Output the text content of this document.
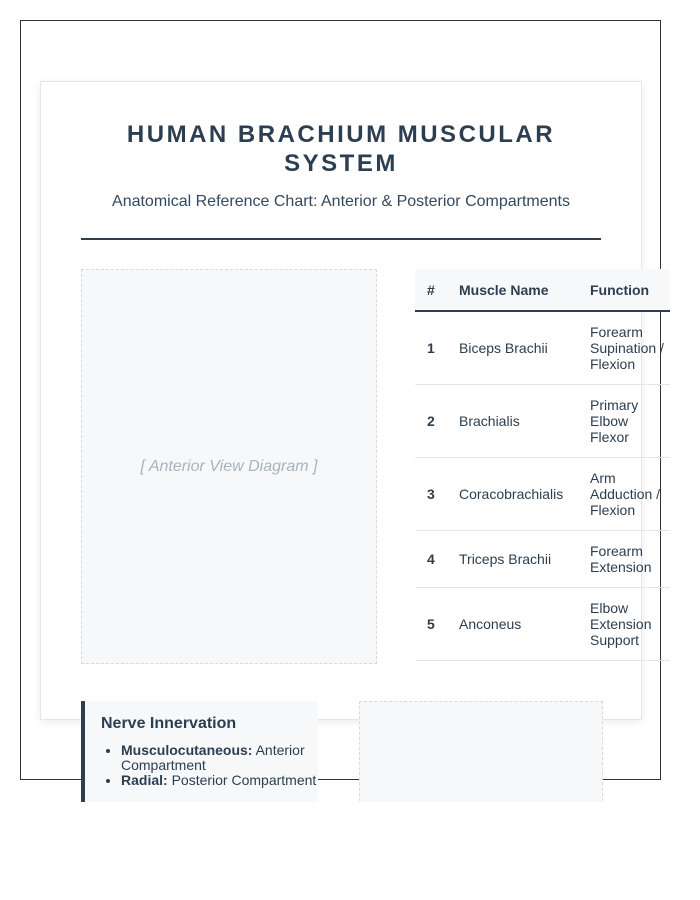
HUMAN BRACHIUM MUSCULAR SYSTEM

Anatomical Reference Chart: Anterior & Posterior Compartments

[ Anterior View Diagram ]
#	Muscle Name	Function
1	Biceps Brachii	Forearm Supination / Flexion
2	Brachialis	Primary Elbow Flexor
3	Coracobrachialis	Arm Adduction / Flexion
4	Triceps Brachii	Forearm Extension
5	Anconeus	Elbow Extension Support
Nerve Innervation
• Musculocutaneous: Anterior Compartment
• Radial: Posterior Compartment
